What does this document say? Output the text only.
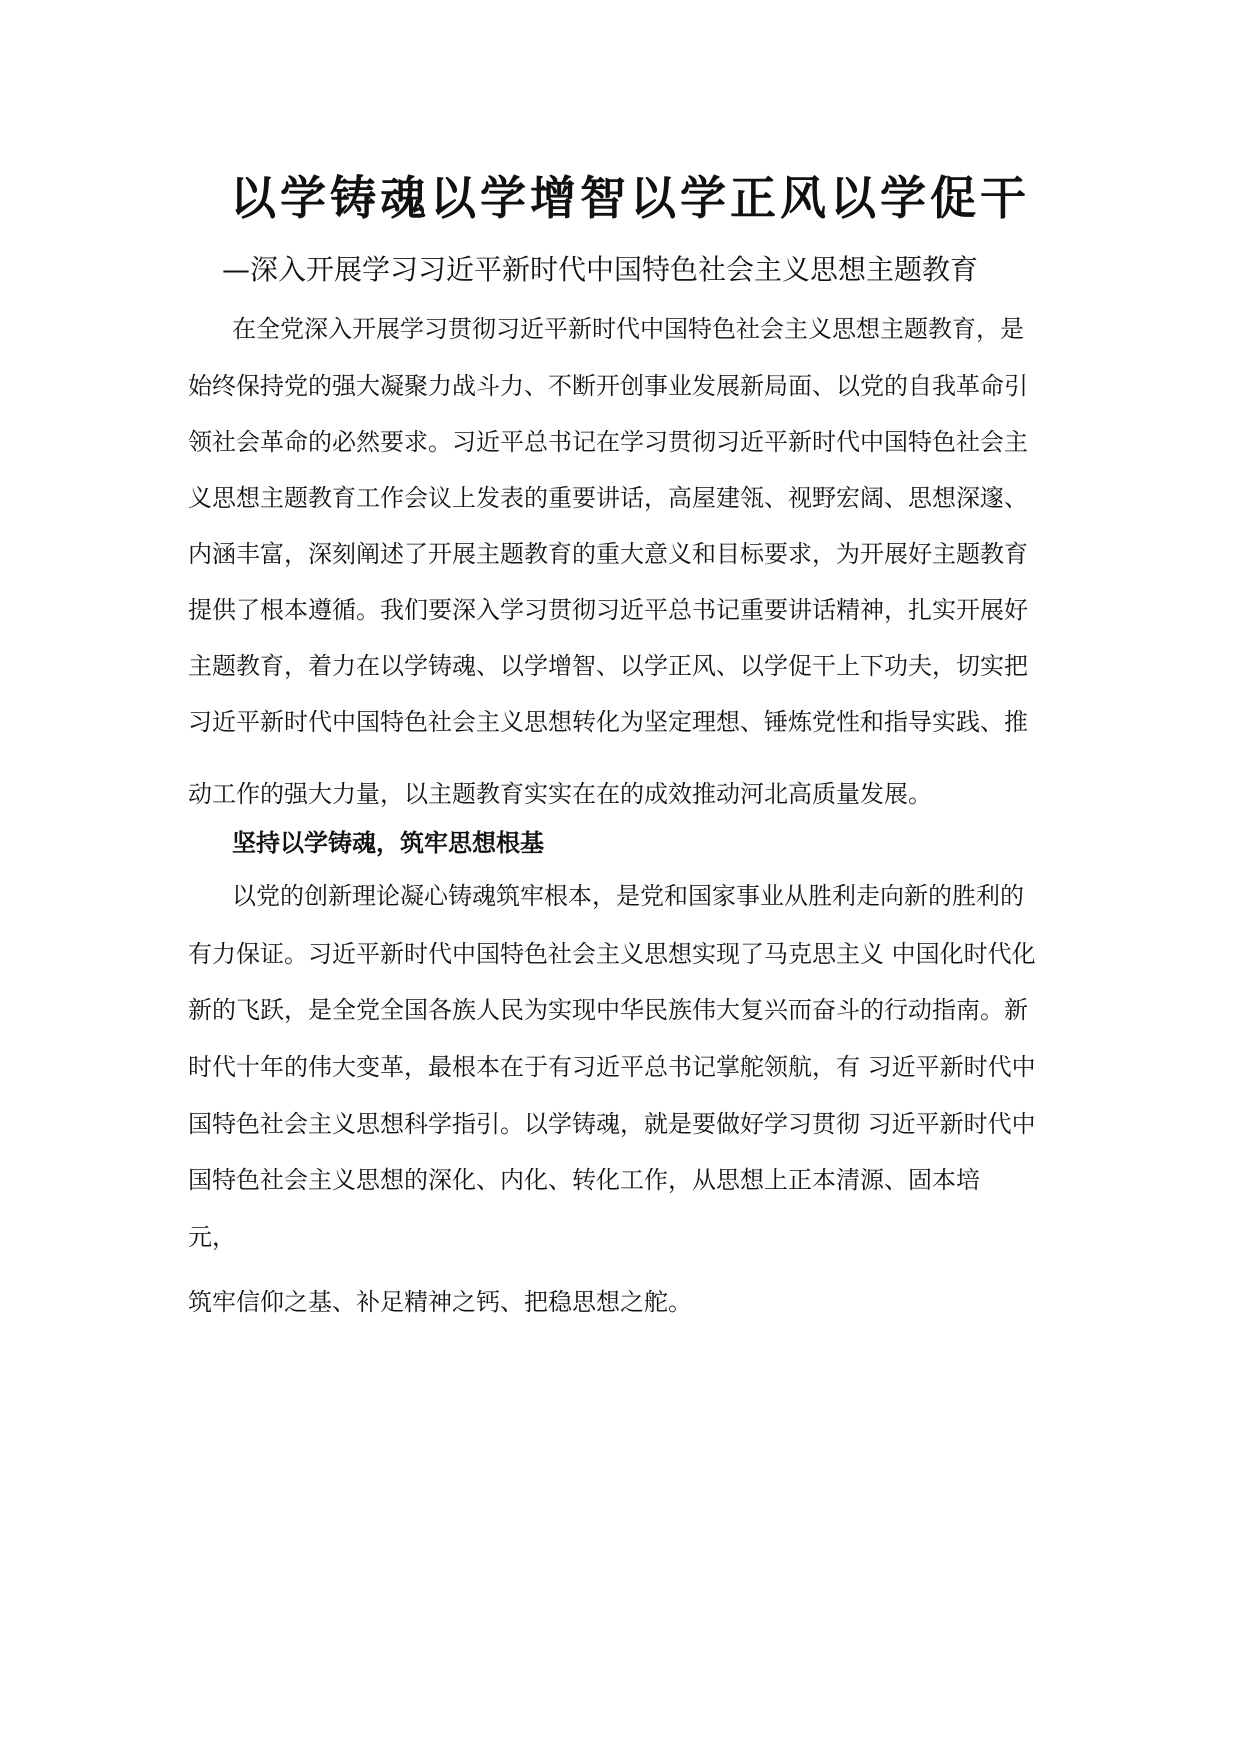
以学铸魂以学增智以学正风以学促干

—深入开展学习习近平新时代中国特色社会主义思想主题教育

在全党深入开展学习贯彻习近平新时代中国特色社会主义思想主题教育，是

始终保持党的强大凝聚力战斗力、不断开创事业发展新局面、以党的自我革命引

领社会革命的必然要求。习近平总书记在学习贯彻习近平新时代中国特色社会主

义思想主题教育工作会议上发表的重要讲话，高屋建瓴、视野宏阔、思想深邃、

内涵丰富，深刻阐述了开展主题教育的重大意义和目标要求，为开展好主题教育

提供了根本遵循。我们要深入学习贯彻习近平总书记重要讲话精神，扎实开展好

主题教育，着力在以学铸魂、以学增智、以学正风、以学促干上下功夫，切实把

习近平新时代中国特色社会主义思想转化为坚定理想、锤炼党性和指导实践、推

动工作的强大力量，以主题教育实实在在的成效推动河北高质量发展。

坚持以学铸魂，筑牢思想根基

以党的创新理论凝心铸魂筑牢根本，是党和国家事业从胜利走向新的胜利的

有力保证。习近平新时代中国特色社会主义思想实现了马克思主义 中国化时代化

新的飞跃，是全党全国各族人民为实现中华民族伟大复兴而奋斗的行动指南。新

时代十年的伟大变革，最根本在于有习近平总书记掌舵领航，有 习近平新时代中

国特色社会主义思想科学指引。以学铸魂，就是要做好学习贯彻 习近平新时代中

国特色社会主义思想的深化、内化、转化工作，从思想上正本清源、固本培

元，

筑牢信仰之基、补足精神之钙、把稳思想之舵。
